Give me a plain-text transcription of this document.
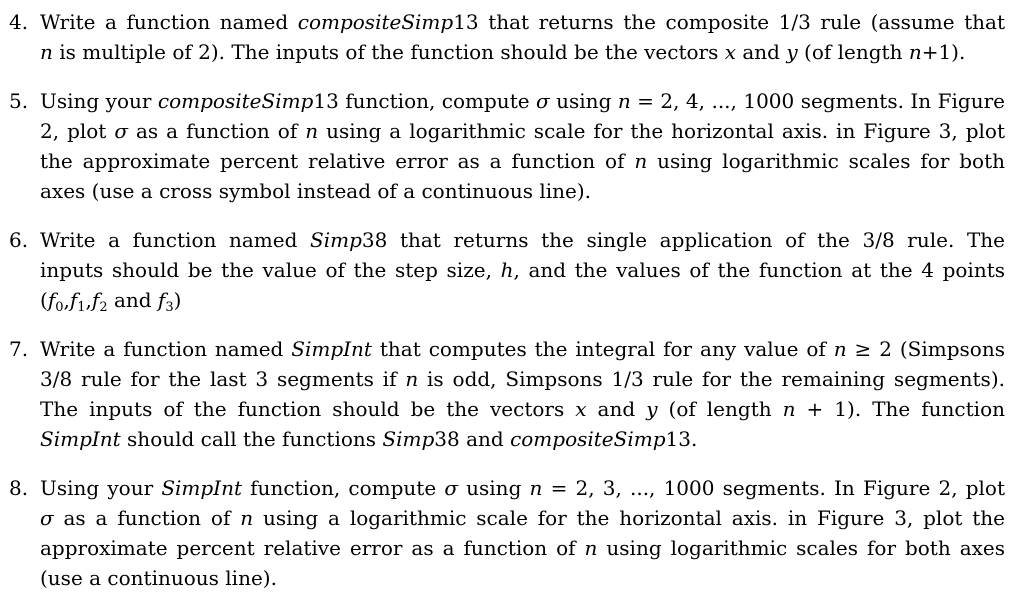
4. Write a function named compositeSimp13 that returns the composite 1/3 rule (assume that
n is multiple of 2). The inputs of the function should be the vectors x and y (of length n+1).
5. Using your compositeSimp13 function, compute σ using n = 2, 4, ..., 1000 segments. In Figure
2, plot σ as a function of n using a logarithmic scale for the horizontal axis. in Figure 3, plot
the approximate percent relative error as a function of n using logarithmic scales for both
axes (use a cross symbol instead of a continuous line).
6. Write a function named Simp38 that returns the single application of the 3/8 rule. The
inputs should be the value of the step size, h, and the values of the function at the 4 points
($f_0,f_1,f_2$ and $f_3$)
7. Write a function named SimpInt that computes the integral for any value of n ≥ 2 (Simpsons
3/8 rule for the last 3 segments if n is odd, Simpsons 1/3 rule for the remaining segments).
The inputs of the function should be the vectors x and y (of length n + 1). The function
SimpInt should call the functions Simp38 and compositeSimp13.
8. Using your SimpInt function, compute σ using n = 2, 3, ..., 1000 segments. In Figure 2, plot
σ as a function of n using a logarithmic scale for the horizontal axis. in Figure 3, plot the
approximate percent relative error as a function of n using logarithmic scales for both axes
(use a continuous line).
